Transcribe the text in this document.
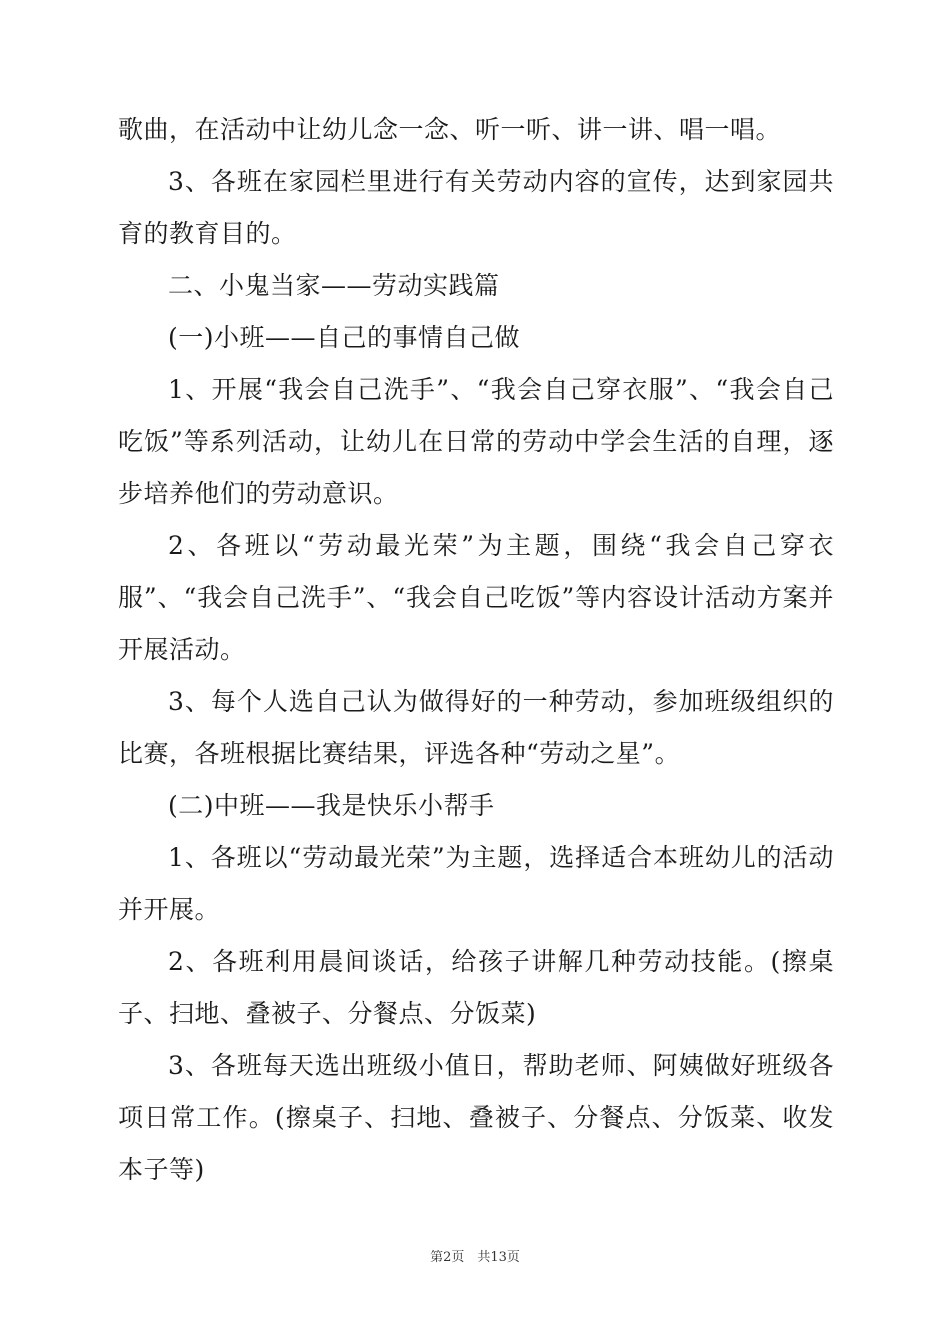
歌曲，在活动中让幼儿念一念、听一听、讲一讲、唱一唱。

3、各班在家园栏里进行有关劳动内容的宣传，达到家园共育的教育目的。

二、小鬼当家——劳动实践篇

(一)小班——自己的事情自己做

1、开展“我会自己洗手”、“我会自己穿衣服”、“我会自己吃饭”等系列活动，让幼儿在日常的劳动中学会生活的自理，逐步培养他们的劳动意识。

2、各班以“劳动最光荣”为主题，围绕“我会自己穿衣服”、“我会自己洗手”、“我会自己吃饭”等内容设计活动方案并开展活动。

3、每个人选自己认为做得好的一种劳动，参加班级组织的比赛，各班根据比赛结果，评选各种“劳动之星”。

(二)中班——我是快乐小帮手

1、各班以“劳动最光荣”为主题，选择适合本班幼儿的活动并开展。

2、各班利用晨间谈话，给孩子讲解几种劳动技能。(擦桌子、扫地、叠被子、分餐点、分饭菜)

3、各班每天选出班级小值日，帮助老师、阿姨做好班级各项日常工作。(擦桌子、扫地、叠被子、分餐点、分饭菜、收发本子等)

第2页　共13页
